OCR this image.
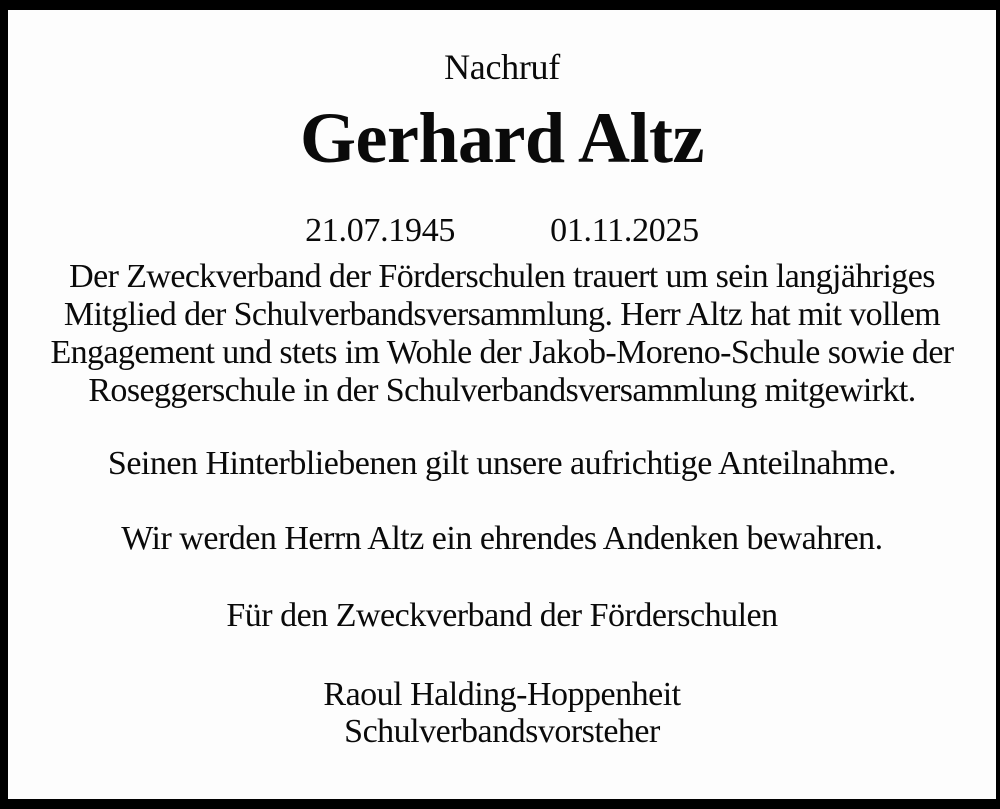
Nachruf
Gerhard Altz
21.07.1945	01.11.2025
Der Zweckverband der Förderschulen trauert um sein langjähriges
Mitglied der Schulverbandsversammlung. Herr Altz hat mit vollem
Engagement und stets im Wohle der Jakob-Moreno-Schule sowie der
Roseggerschule in der Schulverbandsversammlung mitgewirkt.
Seinen Hinterbliebenen gilt unsere aufrichtige Anteilnahme.
Wir werden Herrn Altz ein ehrendes Andenken bewahren.
Für den Zweckverband der Förderschulen
Raoul Halding-Hoppenheit
Schulverbandsvorsteher
